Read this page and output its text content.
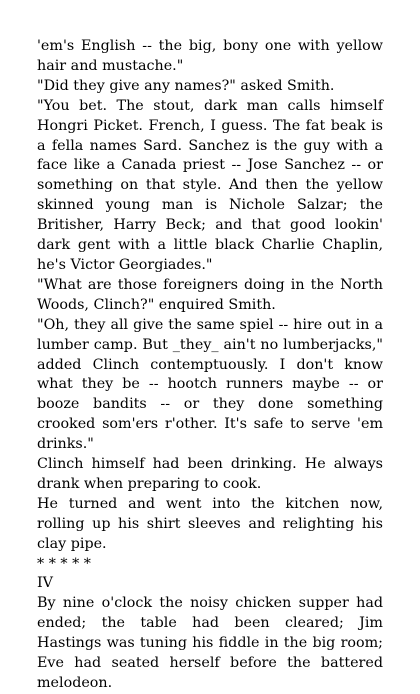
'em's English -- the big, bony one with yellow hair and mustache."

"Did they give any names?" asked Smith.

"You bet. The stout, dark man calls himself Hongri Picket. French, I guess. The fat beak is a fella names Sard. Sanchez is the guy with a face like a Canada priest -- Jose Sanchez -- or something on that style. And then the yellow skinned young man is Nichole Salzar; the Britisher, Harry Beck; and that good lookin' dark gent with a little black Charlie Chaplin, he's Victor Georgiades."

"What are those foreigners doing in the North Woods, Clinch?" enquired Smith.

"Oh, they all give the same spiel -- hire out in a lumber camp. But _they_ ain't no lumberjacks," added Clinch contemptuously. I don't know what they be -- hootch runners maybe -- or booze bandits -- or they done something crooked som'ers r'other. It's safe to serve 'em drinks."

Clinch himself had been drinking. He always drank when preparing to cook.

He turned and went into the kitchen now, rolling up his shirt sleeves and relighting his clay pipe.

* * * * *

IV

By nine o'clock the noisy chicken supper had ended; the table had been cleared; Jim Hastings was tuning his fiddle in the big room; Eve had seated herself before the battered melodeon.
